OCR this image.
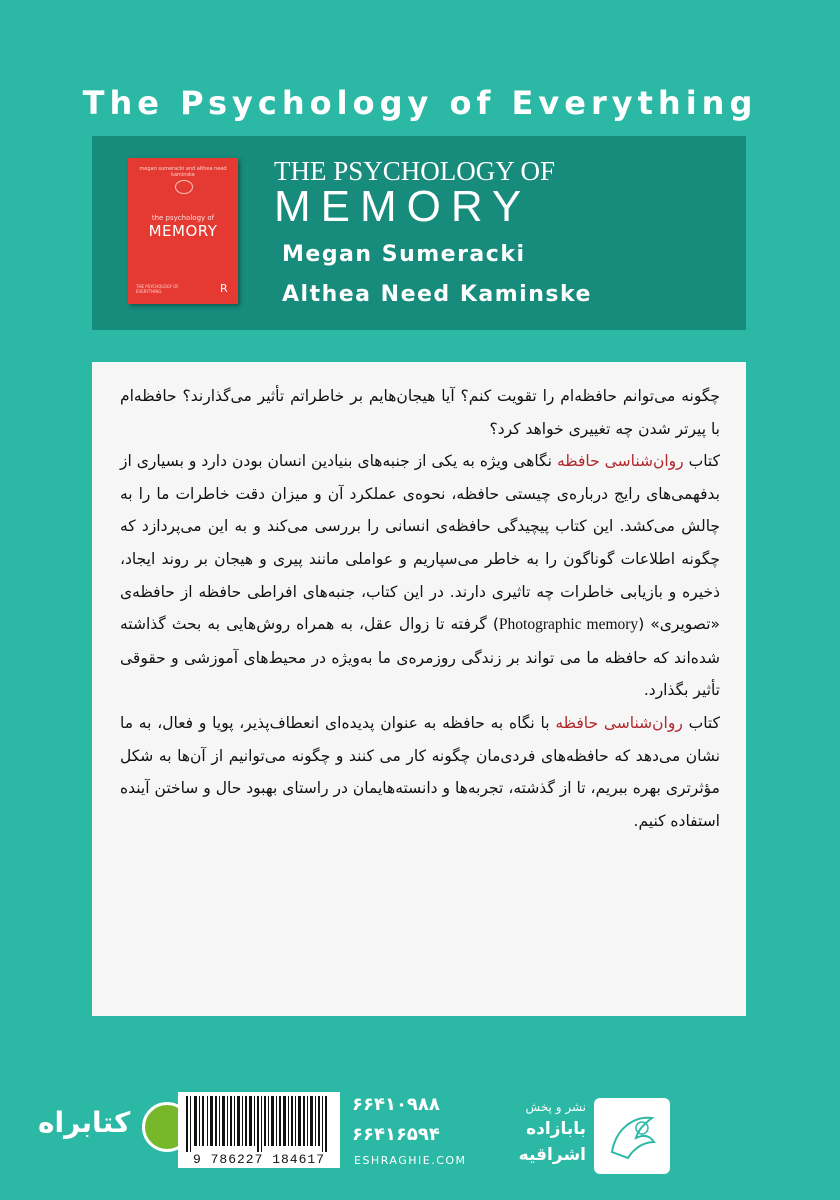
The Psychology of Everything
megan sumeracki and althea need kaminske
the psychology of
MEMORY
THE PSYCHOLOGY OF EVERYTHING	R
THE PSYCHOLOGY OF
MEMORY
Megan Sumeracki
Althea Need Kaminske

چگونه می‌توانم حافظه‌ام را تقویت کنم؟ آیا هیجان‌هایم بر خاطراتم تأثیر می‌گذارند؟ حافظه‌ام با پیرتر شدن چه تغییری خواهد کرد؟

کتاب روان‌شناسی حافظه نگاهی ویژه به یکی از جنبه‌های بنیادین انسان بودن دارد و بسیاری از بدفهمی‌های رایج درباره‌ی چیستی حافظه، نحوه‌ی عملکرد آن و میزان دقت خاطرات ما را به چالش می‌کشد. این کتاب پیچیدگی حافظه‌ی انسانی را بررسی می‌کند و به این می‌پردازد که چگونه اطلاعات گوناگون را به خاطر می‌سپاریم و عواملی مانند پیری و هیجان بر روند ایجاد، ذخیره و بازیابی خاطرات چه تاثیری دارند. در این کتاب، جنبه‌های افراطی حافظه از حافظه‌ی «تصویری» (Photographic memory) گرفته تا زوال عقل، به همراه روش‌هایی به بحث گذاشته شده‌اند که حافظه ما می تواند بر زندگی روزمره‌ی ما به‌ویژه در محیط‌های آموزشی و حقوقی تأثیر بگذارد.

کتاب روان‌شناسی حافظه با نگاه به حافظه به عنوان پدیده‌ای انعطاف‌پذیر، پویا و فعال، به ما نشان می‌دهد که حافظه‌های فردی‌مان چگونه کار می کنند و چگونه می‌توانیم از آن‌ها به شکل مؤثرتری بهره ببریم، تا از گذشته، تجربه‌ها و دانسته‌هایمان در راستای بهبود حال و ساختن آینده استفاده کنیم.

کتابراه
9 786227 184617
۶۶۴۱۰۹۸۸
۶۶۴۱۶۵۹۴
ESHRAGHIE.COM
نشر و پخش
بابازاده
اشراقیه
